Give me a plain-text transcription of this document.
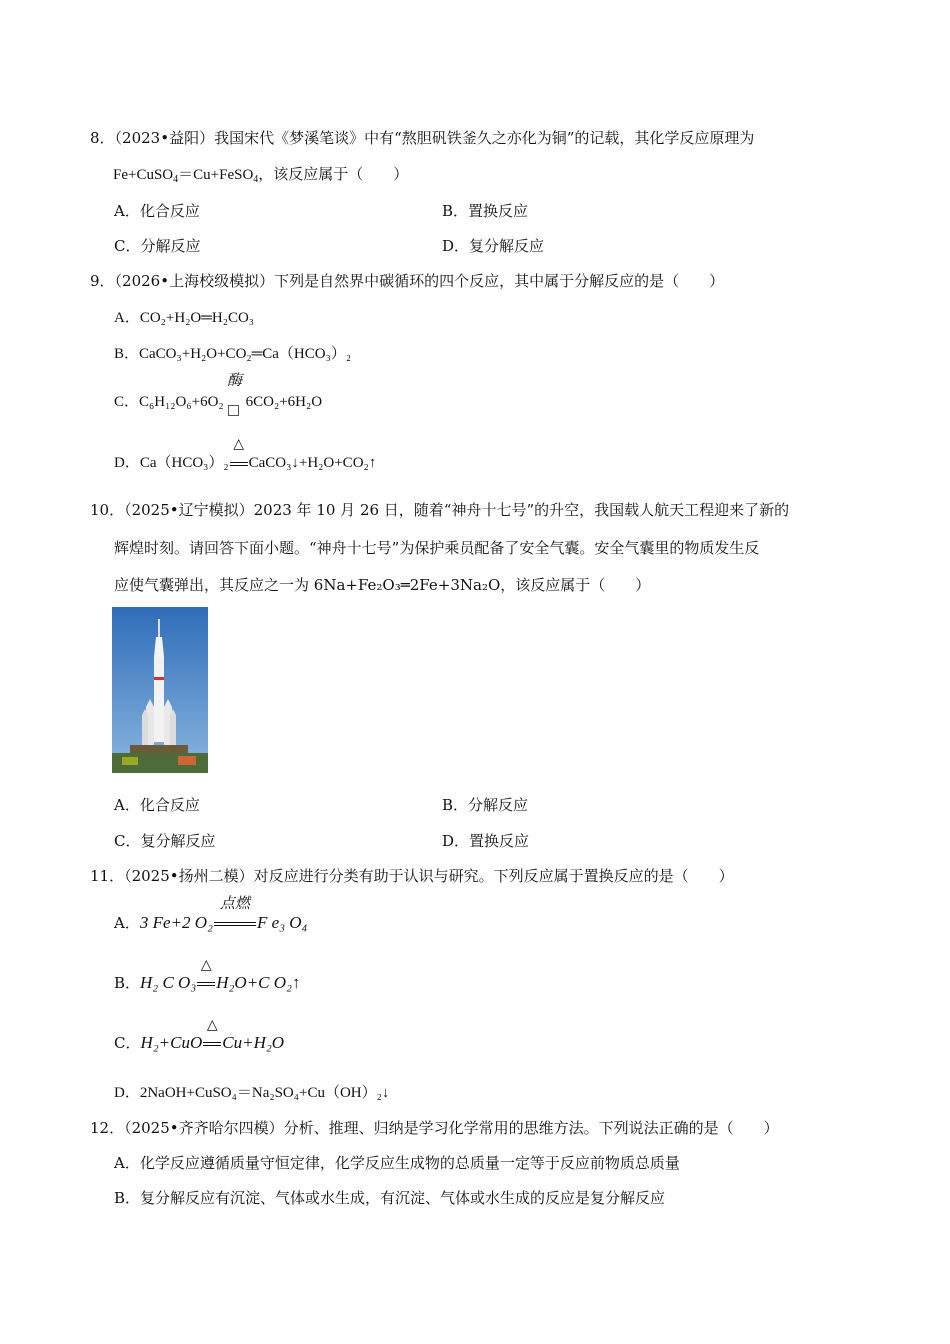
8．（2023•益阳）我国宋代《梦溪笔谈》中有“熬胆矾铁釜久之亦化为铜”的记载，其化学反应原理为
Fe+CuSO$_4$＝Cu+FeSO$_4$，该反应属于（　　）
A．化合反应	B．置换反应
C．分解反应	D．复分解反应
9．（2026•上海校级模拟）下列是自然界中碳循环的四个反应，其中属于分解反应的是（　　）
A．CO₂+H₂O═H₂CO₃
B．CaCO₃+H₂O+CO₂═Ca（HCO₃）₂
C．C₆H₁₂O₆+6O₂
酶
6CO₂+6H₂O
D．Ca（HCO₃）₂
△
CaCO₃↓+H₂O+CO₂↑
10．（2025•辽宁模拟）2023 年 10 月 26 日，随着“神舟十七号”的升空，我国载人航天工程迎来了新的
辉煌时刻。请回答下面小题。“神舟十七号”为保护乘员配备了安全气囊。安全气囊里的物质发生反
应使气囊弹出，其反应之一为 6Na+Fe₂O₃═2Fe+3Na₂O，该反应属于（　　）
A．化合反应	B．分解反应
C．复分解反应	D．置换反应
11．（2025•扬州二模）对反应进行分类有助于认识与研究。下列反应属于置换反应的是（　　）
A．3 Fe+2 O₂
点燃
F e₃ O₄
B．H₂ C O₃
△
H₂O+C O₂↑
C．H₂+CuO
△
Cu+H₂O
D．2NaOH+CuSO₄＝Na₂SO₄+Cu（OH）₂↓
12．（2025•齐齐哈尔四模）分析、推理、归纳是学习化学常用的思维方法。下列说法正确的是（　　）
A．化学反应遵循质量守恒定律，化学反应生成物的总质量一定等于反应前物质总质量
B．复分解反应有沉淀、气体或水生成，有沉淀、气体或水生成的反应是复分解反应
